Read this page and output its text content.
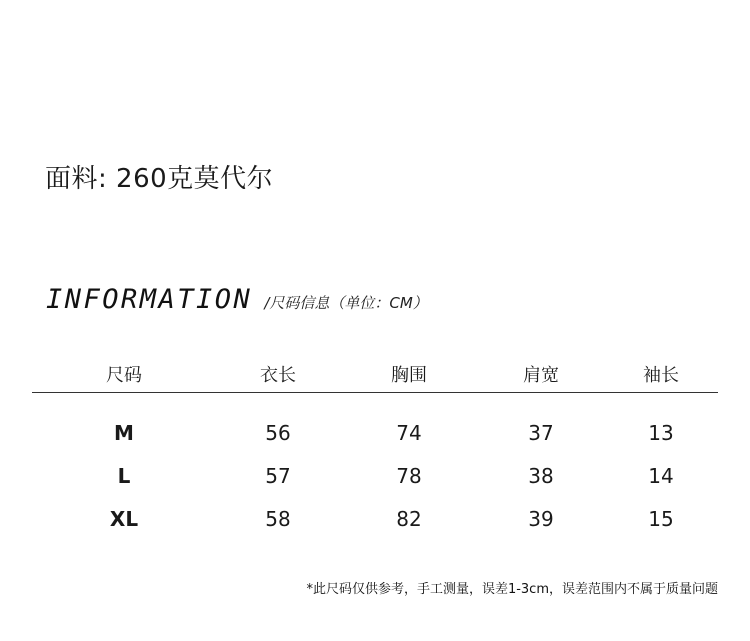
面料: 260克莫代尔
INFORMATION /尺码信息（单位：CM）
尺码	衣长	胸围	肩宽	袖长
M	56	74	37	13
L	57	78	38	14
XL	58	82	39	15
*此尺码仅供参考，手工测量，误差1-3cm，误差范围内不属于质量问题
